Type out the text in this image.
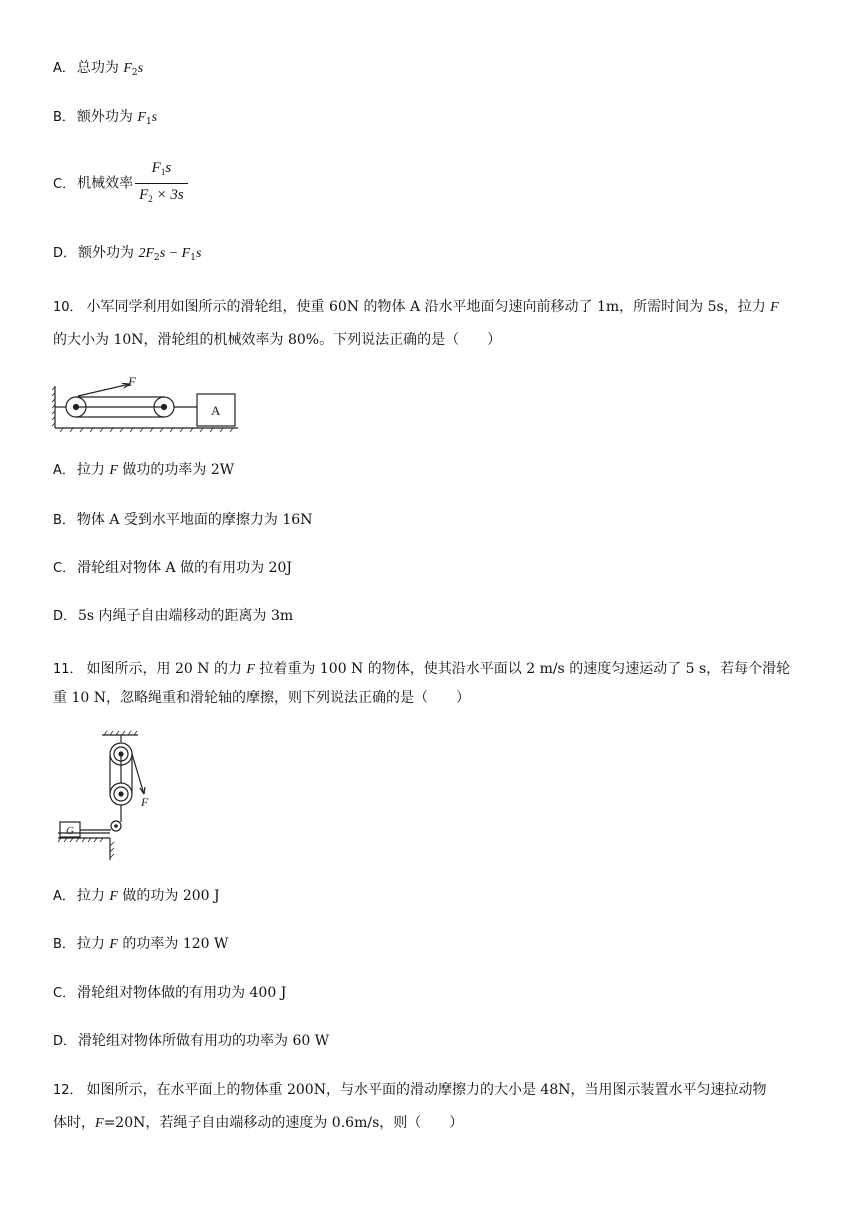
A． 总功为 $F_2s$
B． 额外功为 $F_1s$
C． 机械效率 $\frac{F_1s}{F_2 \times 3s}$
D． 额外功为 $2F_2s - F_1s$
10． 小军同学利用如图所示的滑轮组，使重 60N 的物体 A 沿水平地面匀速向前移动了 1m，所需时间为 5s，拉力 F
的大小为 10N，滑轮组的机械效率为 80%。下列说法正确的是（　　）
F
A
A． 拉力 F 做功的功率为 2W
B． 物体 A 受到水平地面的摩擦力为 16N
C． 滑轮组对物体 A 做的有用功为 20J
D． 5s 内绳子自由端移动的距离为 3m
11． 如图所示，用 20 N 的力 F 拉着重为 100 N 的物体，使其沿水平面以 2 m/s 的速度匀速运动了 5 s，若每个滑轮
重 10 N，忽略绳重和滑轮轴的摩擦，则下列说法正确的是（　　）
F
G
A． 拉力 F 做的功为 200 J
B． 拉力 F 的功率为 120 W
C． 滑轮组对物体做的有用功为 400 J
D． 滑轮组对物体所做有用功的功率为 60 W
12． 如图所示，在水平面上的物体重 200N，与水平面的滑动摩擦力的大小是 48N，当用图示装置水平匀速拉动物
体时，F=20N，若绳子自由端移动的速度为 0.6m/s，则（　　）
